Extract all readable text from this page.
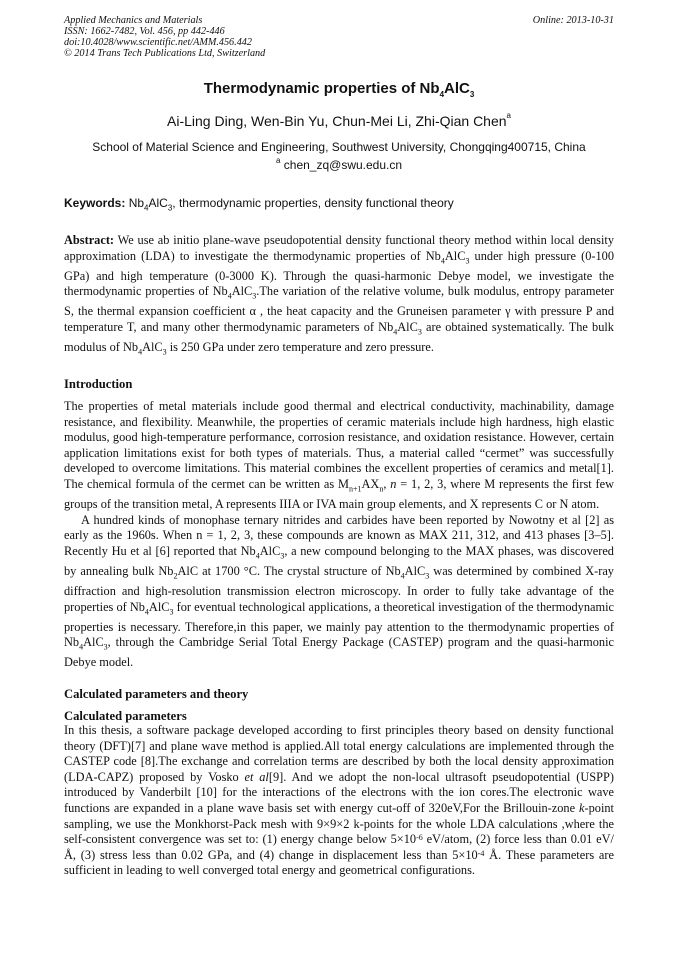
Applied Mechanics and Materials
ISSN: 1662-7482, Vol. 456, pp 442-446
doi:10.4028/www.scientific.net/AMM.456.442
© 2014 Trans Tech Publications Ltd, Switzerland
Online: 2013-10-31
Thermodynamic properties of $Nb_4AlC_3$
Ai-Ling Ding, Wen-Bin Yu, Chun-Mei Li, Zhi-Qian Chen$^a$
School of Material Science and Engineering, Southwest University, Chongqing400715, China
$^a$ chen_zq@swu.edu.cn
Keywords: $Nb_4AlC_3$, thermodynamic properties, density functional theory

Abstract: We use ab initio plane-wave pseudopotential density functional theory method within local density approximation (LDA) to investigate the thermodynamic properties of $Nb_4AlC_3$ under high pressure (0-100 GPa) and high temperature (0-3000 K). Through the quasi-harmonic Debye model, we investigate the thermodynamic properties of $Nb_4AlC_3.The$ variation of the relative volume, bulk modulus, entropy parameter S, the thermal expansion coefficient α , the heat capacity and the Gruneisen parameter γ with pressure P and temperature T, and many other thermodynamic parameters of $Nb_4AlC_3$ are obtained systematically. The bulk modulus of $Nb_4AlC_3$ is 250 GPa under zero temperature and zero pressure.

Introduction

The properties of metal materials include good thermal and electrical conductivity, machinability, damage resistance, and flexibility. Meanwhile, the properties of ceramic materials include high hardness, high elastic modulus, good high-temperature performance, corrosion resistance, and oxidation resistance. However, certain application limitations exist for both types of materials. Thus, a material called “cermet” was successfully developed to overcome limitations. This material combines the excellent properties of ceramics and metal[1]. The chemical formula of the cermet can be written as $M_{n+1}AX_n$, n = 1, 2, 3, where M represents the first few groups of the transition metal, A represents IIIA or IVA main group elements, and X represents C or N atom.

A hundred kinds of monophase ternary nitrides and carbides have been reported by Nowotny et al [2] as early as the 1960s. When n = 1, 2, 3, these compounds are known as MAX 211, 312, and 413 phases [3–5]. Recently Hu et al [6] reported that $Nb_4AlC_3$, a new compound belonging to the MAX phases, was discovered by annealing bulk $Nb_2AlC$ at 1700 °C. The crystal structure of $Nb_4AlC_3$ was determined by combined X-ray diffraction and high-resolution transmission electron microscopy. In order to fully take advantage of the properties of $Nb_4AlC_3$ for eventual technological applications, a theoretical investigation of the thermodynamic properties is necessary. Therefore,in this paper, we mainly pay attention to the thermodynamic properties of $Nb_4AlC_3$, through the Cambridge Serial Total Energy Package (CASTEP) program and the quasi-harmonic Debye model.

Calculated parameters and theory
Calculated parameters

In this thesis, a software package developed according to first principles theory based on density functional theory (DFT)[7] and plane wave method is applied.All total energy calculations are implemented through the CASTEP code [8].The exchange and correlation terms are described by both the local density approximation (LDA-CAPZ) proposed by Vosko et al[9]. And we adopt the non-local ultrasoft pseudopotential (USPP) introduced by Vanderbilt [10] for the interactions of the electrons with the ion cores.The electronic wave functions are expanded in a plane wave basis set with energy cut-off of 320eV,For the Brillouin-zone k-point sampling, we use the Monkhorst-Pack mesh with 9×9×2 k-points for the whole LDA calculations ,where the self-consistent convergence was set to: (1) energy change below $5\times 10^{-6}$ eV/atom, (2) force less than 0.01 eV/Å, (3) stress less than 0.02 GPa, and (4) change in displacement less than $5\times 10^{-4}$ Å. These parameters are sufficient in leading to well converged total energy and geometrical configurations.
